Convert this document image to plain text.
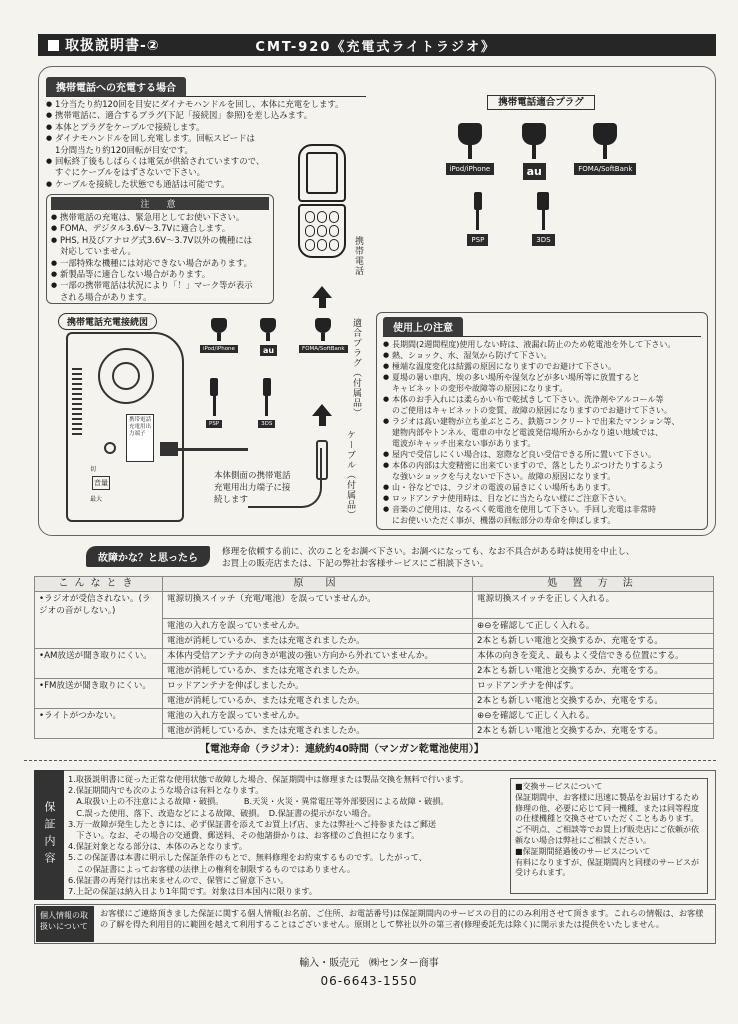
取扱説明書-②	CMT-920《充電式ライトラジオ》
携帯電話への充電する場合
● 1分当たり約120回を目安にダイナモハンドルを回し、本体に充電をします。
● 携帯電話に、適合するプラグ(下記「接続図」参照)を差し込みます。
● 本体とプラグをケーブルで接続します。
● ダイナモハンドルを回し充電します。回転スピードは
1分間当たり約120回転が目安です。
● 回転終了後もしばらくは電気が供給されていますので、
すぐにケーブルをはずさないで下さい。
● ケーブルを接続した状態でも通話は可能です。
注　意
● 携帯電話の充電は、緊急用としてお使い下さい。
● FOMA、デジタル3.6V～3.7Vに適合します。
● PHS, H及びアナログ式3.6V～3.7V以外の機種には
対応していません。
● 一部特殊な機種には対応できない場合があります。
● 新製品等に適合しない場合があります。
● 一部の携帯電話は状況により「！」マーク等が表示
される場合があります。
携帯電話
携帯電話適合プラグ
iPod/iPhone	au	FOMA/SoftBank
PSP	3DS
携帯電話充電接続図
携帯電話充電用出力端子
切
音量
最大
iPod/iPhone	au	FOMA/SoftBank
PSP	3DS
適合プラグ（付属品）
ケーブル（付属品）
本体側面の携帯電話充電用出力端子に接続します
使用上の注意
● 長期間(2週間程度)使用しない時は、液漏れ防止のため乾電池を外して下さい。
● 熱、ショック、水、湿気から防げて下さい。
● 極端な温度変化は結露の原因になりますのでお避けて下さい。
● 夏場の暑い車内、埃の多い場所や湿気などが多い場所等に放置すると
キャビネットの変形や故障等の原因になります。
● 本体のお手入れには柔らかい布で乾拭きして下さい。洗浄剤やアルコール等
のご使用はキャビネットの変質、故障の原因になりますのでお避けて下さい。
● ラジオは高い建物が立ち並ぶところ、鉄筋コンクリートで出来たマンション等、
建物内部やトンネル、電車の中など電波発信場所からかなり遠い地域では、
電波がキャッチ出来ない事があります。
● 屋内で受信しにくい場合は、窓際など良い受信できる所に置いて下さい。
● 本体の内部は大変精密に出来ていますので、落としたりぶつけたりするよう
な強いショックを与えないで下さい。故障の原因になります。
● 山・谷などでは、ラジオの電波の届きにくい場所もあります。
● ロッドアンテナ使用時は、目などに当たらない様にご注意下さい。
● 音楽のご使用は、なるべく乾電池を使用して下さい。手回し充電は非常時
にお使いいただく事が、機器の回転部分の寿命を伸ばします。
故障かな？と思ったら
修理を依頼する前に、次のことをお調べ下さい。お調べになっても、なお不具合がある時は使用を中止し、
お買上の販売店または、下記の弊社お客様サービスにご相談下さい。
こんなとき	原　因	処 置 方 法
•ラジオが受信されない。(ラジオの音がしない。)	電源切換スイッチ（充電/電池）を誤っていませんか。	電源切換スイッチを正しく入れる。
	電池の入れ方を誤っていませんか。	⊕⊖を確認して正しく入れる。
	電池が消耗しているか、または充電されましたか。	2本とも新しい電池と交換するか、充電をする。
•AM放送が聞き取りにくい。	本体内受信アンテナの向きが電波の強い方向から外れていませんか。	本体の向きを変え、最もよく受信できる位置にする。
	電池が消耗しているか、または充電されましたか。	2本とも新しい電池と交換するか、充電をする。
•FM放送が聞き取りにくい。	ロッドアンテナを伸ばしましたか。	ロッドアンテナを伸ばす。
	電池が消耗しているか、または充電されましたか。	2本とも新しい電池と交換するか、充電をする。
•ライトがつかない。	電池の入れ方を誤っていませんか。	⊕⊖を確認して正しく入れる。
	電池が消耗しているか、または充電されましたか。	2本とも新しい電池と交換するか、充電をする。
【電池寿命（ラジオ）：連続約40時間（マンガン乾電池使用）】
保証内容
1.取扱説明書に従った正常な使用状態で故障した場合、保証期間中は修理または製品交換を無料で行います。
2.保証期間内でも次のような場合は有料となります。
　A.取扱い上の不注意による故障・破損。　　　B.天災・火災・異常電圧等外部要因による故障・破損。
　C.誤った使用、落下、改造などによる故障、破損。　D.保証書の提示がない場合。
3.万一故障が発生したときには、必ず保証書を添えてお買上げ店、または弊社へご持参またはご郵送
　下さい。なお、その場合の交通費、郵送料、その他諸掛かりは、お客様のご負担になります。
4.保証対象となる部分は、本体のみとなります。
5.この保証書は本書に明示した保証条件のもとで、無料修理をお約束するものです。したがって、
　この保証書によってお客様の法律上の権利を制限するものではありません。
6.保証書の再発行は出来ませんので、保管にご留意下さい。
7.上記の保証は納入日より1年間です。対象は日本国内に限ります。
■交換サービスについて
保証期間中、お客様に迅速に製品をお届けするため修理の他、必要に応じて同一機種、または同等程度の仕様機種と交換させていただくこともあります。ご不明点、ご相談等でお買上げ販売店にご依頼が依頼ない場合は弊社にご相談ください。
■保証期間経過後のサービスについて
有料になりますが、保証期間内と同様のサービスが受けられます。
個人情報の取扱いについて
お客様にご連絡頂きました保証に関する個人情報(お名前、ご住所、お電話番号)は保証期間内のサービスの目的にのみ利用させて頂きます。これらの情報は、お客様の了解を得た利用目的に範囲を越えて利用することはございません。原則として弊社以外の第三者(修理委託先は除く)に開示または提供をいたしません。
輸入・販売元　㈱センター商事
06-6643-1550
